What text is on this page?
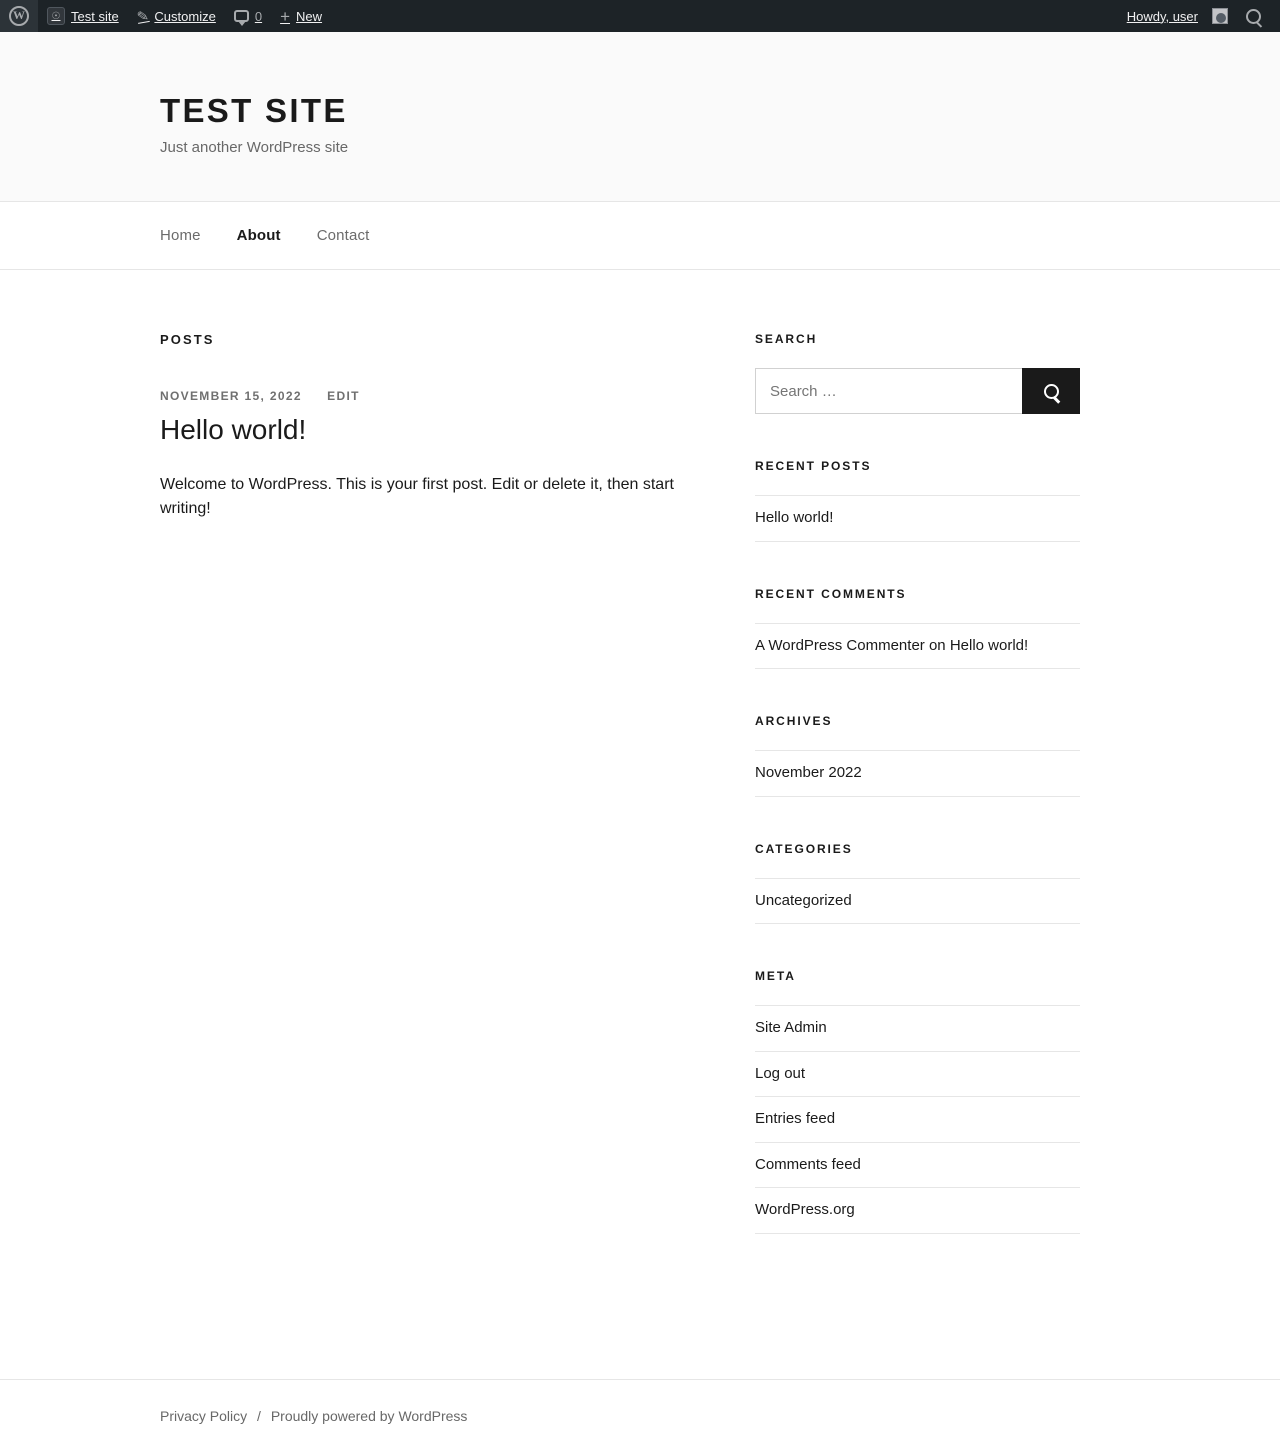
W
☉ Test site ✎ Customize	0 + New	Howdy, user
TEST SITE

Just another WordPress site

Home About Contact
POSTS
NOVEMBER 15, 2022 EDIT
Hello world!

Welcome to WordPress. This is your first post. Edit or delete it, then start writing!

SEARCH
Search …
RECENT POSTS
Hello world!
RECENT COMMENTS
A WordPress Commenter on Hello world!
ARCHIVES
November 2022
CATEGORIES
Uncategorized
META
Site Admin
Log out
Entries feed
Comments feed
WordPress.org
Privacy Policy / Proudly powered by WordPress
